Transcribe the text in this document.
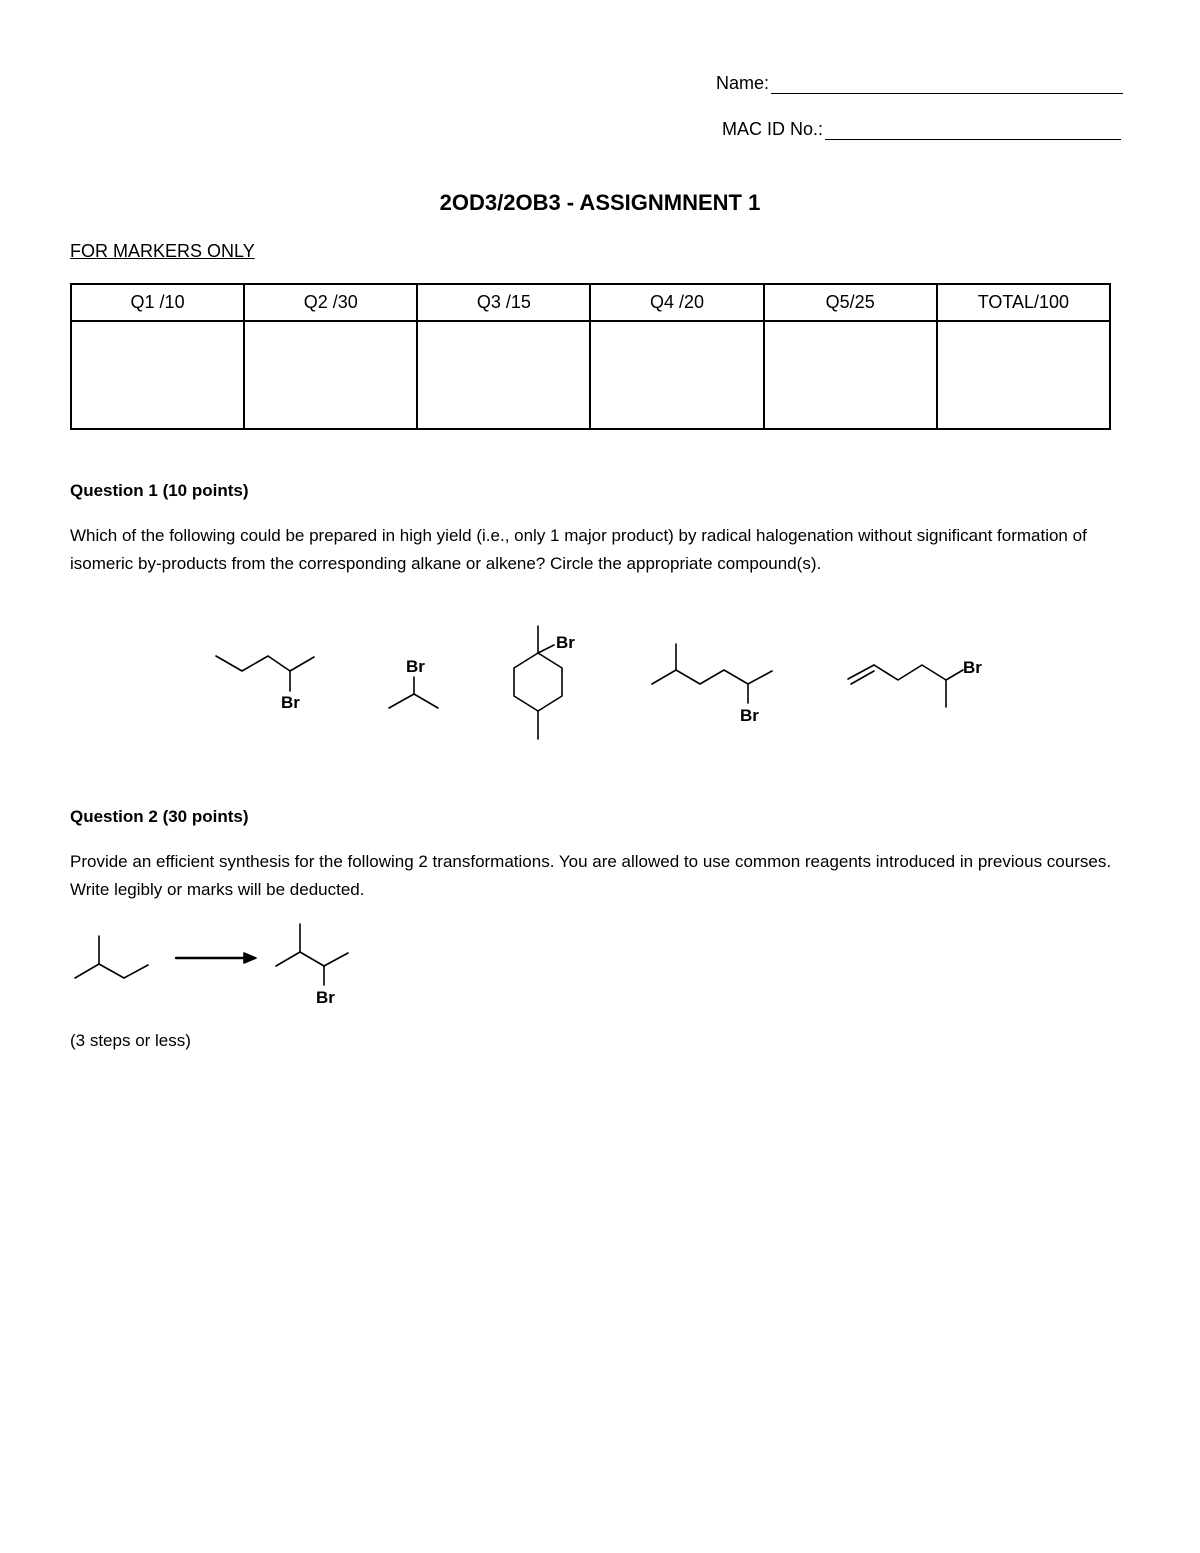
Name:
MAC ID No.:
2OD3/2OB3 - ASSIGNMNENT 1

FOR MARKERS ONLY

Q1 /10	Q2 /30	Q3 /15	Q4 /20	Q5/25	TOTAL/100

Question 1 (10 points)

Which of the following could be prepared in high yield (i.e., only 1 major product) by radical halogenation without significant formation of isomeric by-products from the corresponding alkane or alkene? Circle the appropriate compound(s).

Question 2 (30 points)

Provide an efficient synthesis for the following 2 transformations. You are allowed to use common reagents introduced in previous courses. Write legibly or marks will be deducted.

(3 steps or less)

Br
Br
Br
Br
Br
Br
